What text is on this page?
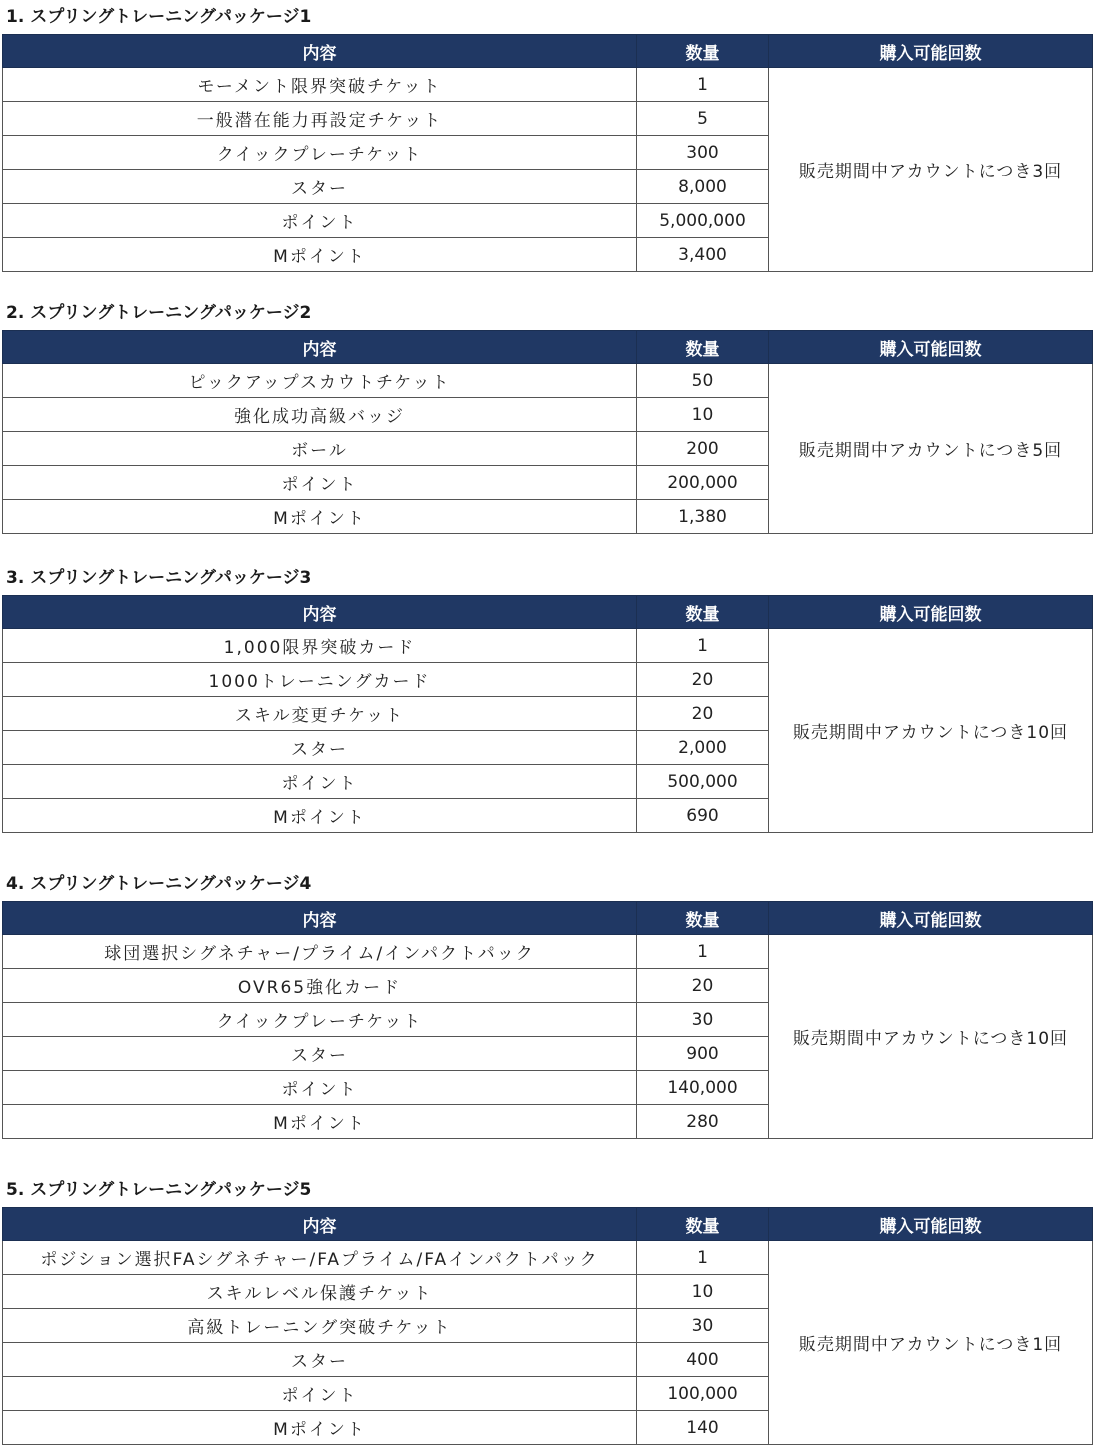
1. スプリングトレーニングパッケージ1
内容	数量	購入可能回数
モーメント限界突破チケット	1	販売期間中アカウントにつき3回
一般潜在能力再設定チケット	5	
クイックプレーチケット	300	
スター	8,000	
ポイント	5,000,000	
Mポイント	3,400	
2. スプリングトレーニングパッケージ2
内容	数量	購入可能回数
ピックアップスカウトチケット	50	販売期間中アカウントにつき5回
強化成功高級バッジ	10	
ボール	200	
ポイント	200,000	
Mポイント	1,380	
3. スプリングトレーニングパッケージ3
内容	数量	購入可能回数
1,000限界突破カード	1	販売期間中アカウントにつき10回
1000トレーニングカード	20	
スキル変更チケット	20	
スター	2,000	
ポイント	500,000	
Mポイント	690	
4. スプリングトレーニングパッケージ4
内容	数量	購入可能回数
球団選択シグネチャー/プライム/インパクトパック	1	販売期間中アカウントにつき10回
OVR65強化カード	20	
クイックプレーチケット	30	
スター	900	
ポイント	140,000	
Mポイント	280	
5. スプリングトレーニングパッケージ5
内容	数量	購入可能回数
ポジション選択FAシグネチャー/FAプライム/FAインパクトパック	1	販売期間中アカウントにつき1回
スキルレベル保護チケット	10	
高級トレーニング突破チケット	30	
スター	400	
ポイント	100,000	
Mポイント	140	
